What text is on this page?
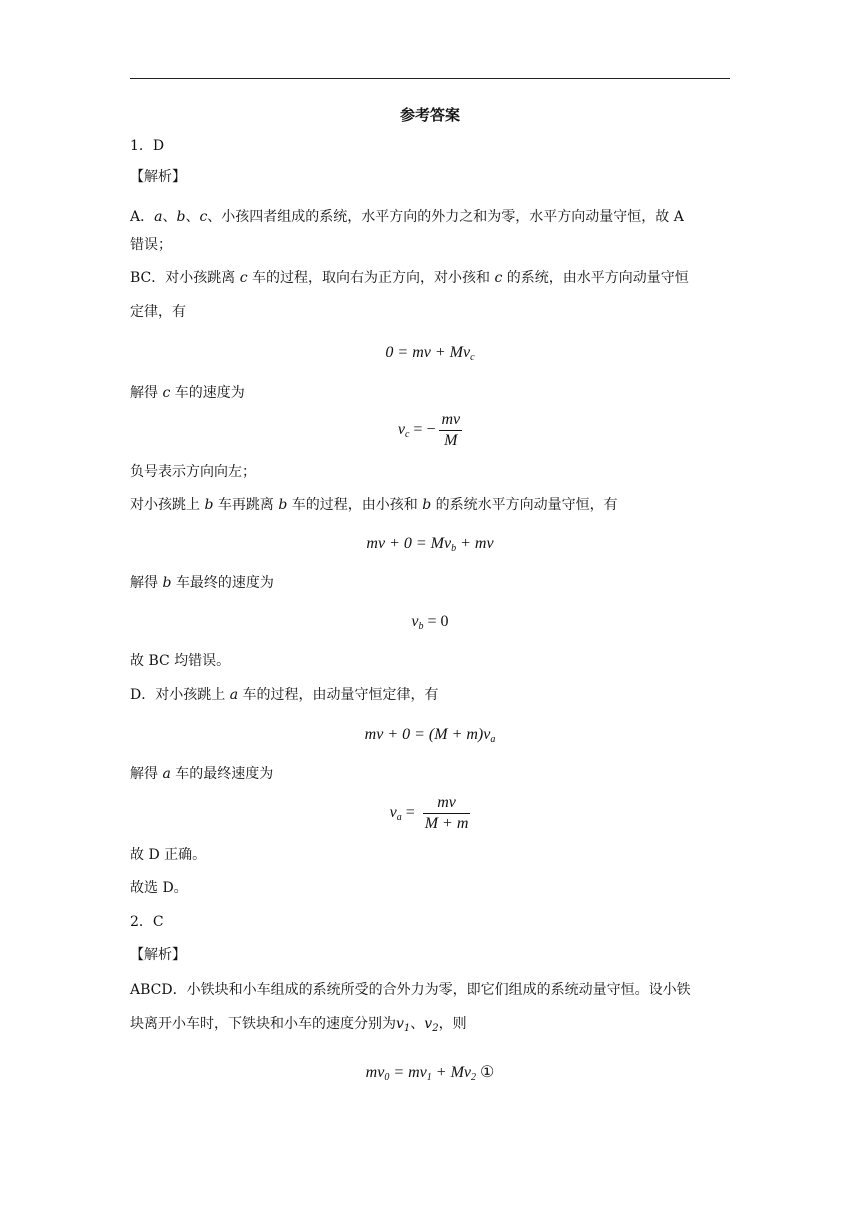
参考答案
1．D
【解析】
A．a、b、c、小孩四者组成的系统，水平方向的外力之和为零，水平方向动量守恒，故 A
错误；
BC．对小孩跳离 c 车的过程，取向右为正方向，对小孩和 c 的系统，由水平方向动量守恒
定律，有
0 = mv + $Mv_c$
解得 c 车的速度为
$v_c$ = − $\frac{mv}{M}$
负号表示方向向左；
对小孩跳上 b 车再跳离 b 车的过程，由小孩和 b 的系统水平方向动量守恒，有
mv + $0 = Mv_b$ + mv
解得 b 车最终的速度为
$v_b = 0$
故 BC 均错误。
D．对小孩跳上 a 车的过程，由动量守恒定律，有
mv + $0 = (M + m)v_a$
解得 a 车的最终速度为
$v_a = \frac{mv}{M + m}$
故 D 正确。
故选 D。
2．C
【解析】
ABCD．小铁块和小车组成的系统所受的合外力为零，即它们组成的系统动量守恒。设小铁
块离开小车时，下铁块和小车的速度分别为$v_1$、$v_2$，则
$mv_0 = mv_1 + Mv_2$ ①
